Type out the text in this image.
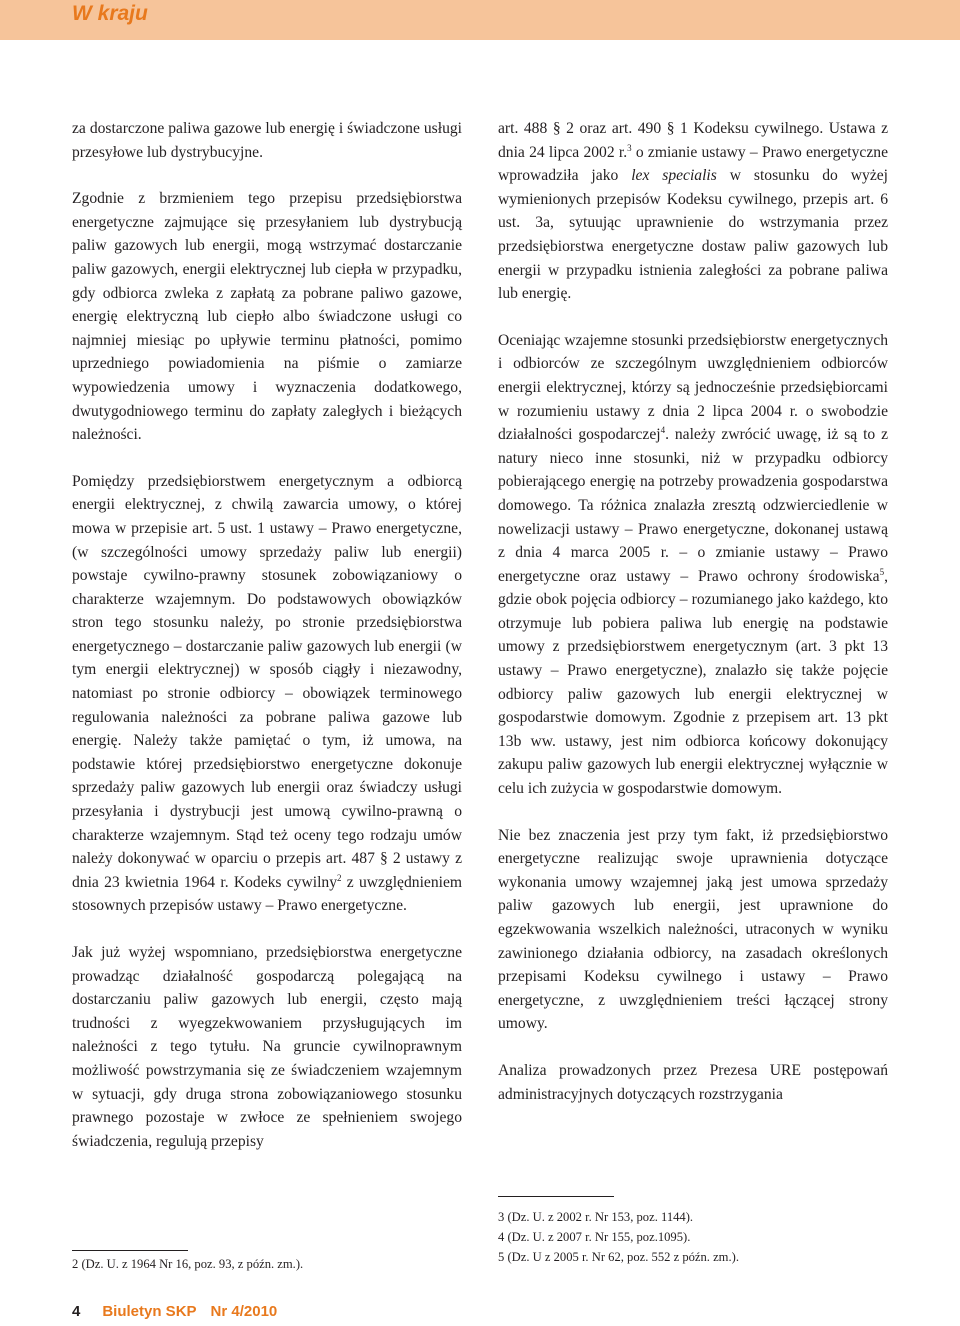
W kraju

za dostarczone paliwa gazowe lub energię i świadczone usługi przesyłowe lub dystrybucyjne.

Zgodnie z brzmieniem tego przepisu przedsiębiorstwa energetyczne zajmujące się przesyłaniem lub dystrybucją paliw gazowych lub energii, mogą wstrzymać dostarczanie paliw gazowych, energii elektrycznej lub ciepła w przypadku, gdy odbiorca zwleka z zapłatą za pobrane paliwo gazowe, energię elektryczną lub ciepło albo świadczone usługi co najmniej miesiąc po upływie terminu płatności, pomimo uprzedniego powiadomienia na piśmie o zamiarze wypowiedzenia umowy i wyznaczenia dodatkowego, dwutygodniowego terminu do zapłaty zaległych i bieżących należności.

Pomiędzy przedsiębiorstwem energetycznym a odbiorcą energii elektrycznej, z chwilą zawarcia umowy, o której mowa w przepisie art. 5 ust. 1 ustawy – Prawo energetyczne, (w szczególności umowy sprzedaży paliw lub energii) powstaje cywilno-prawny stosunek zobowiązaniowy o charakterze wzajemnym. Do podstawowych obowiązków stron tego stosunku należy, po stronie przedsiębiorstwa energetycznego – dostarczanie paliw gazowych lub energii (w tym energii elektrycznej) w sposób ciągły i niezawodny, natomiast po stronie odbiorcy – obowiązek terminowego regulowania należności za pobrane paliwa gazowe lub energię. Należy także pamiętać o tym, iż umowa, na podstawie której przedsiębiorstwo energetyczne dokonuje sprzedaży paliw gazowych lub energii oraz świadczy usługi przesyłania i dystrybucji jest umową cywilno-prawną o charakterze wzajemnym. Stąd też oceny tego rodzaju umów należy dokonywać w oparciu o przepis art. 487 § 2 ustawy z dnia 23 kwietnia 1964 r. Kodeks cywilny$^2$ z uwzględnieniem stosownych przepisów ustawy – Prawo energetyczne.

Jak już wyżej wspomniano, przedsiębiorstwa energetyczne prowadząc działalność gospodarczą polegającą na dostarczaniu paliw gazowych lub energii, często mają trudności z wyegzekwowaniem przysługujących im należności z tego tytułu. Na gruncie cywilnoprawnym możliwość powstrzymania się ze świadczeniem wzajemnym w sytuacji, gdy druga strona zobowiązaniowego stosunku prawnego pozostaje w zwłoce ze spełnieniem swojego świadczenia, regulują przepisy

2 (Dz. U. z 1964 Nr 16, poz. 93, z późn. zm.).

art. 488 § 2 oraz art. 490 § 1 Kodeksu cywilnego. Ustawa z dnia 24 lipca 2002 r.$^3$ o zmianie ustawy – Prawo energetyczne wprowadziła jako lex specialis w stosunku do wyżej wymienionych przepisów Kodeksu cywilnego, przepis art. 6 ust. 3a, sytuując uprawnienie do wstrzymania przez przedsiębiorstwa energetyczne dostaw paliw gazowych lub energii w przypadku istnienia zaległości za pobrane paliwa lub energię.

Oceniając wzajemne stosunki przedsiębiorstw energetycznych i odbiorców ze szczególnym uwzględnieniem odbiorców energii elektrycznej, którzy są jednocześnie przedsiębiorcami w rozumieniu ustawy z dnia 2 lipca 2004 r. o swobodzie działalności gospodarczej$^4$. należy zwrócić uwagę, iż są to z natury nieco inne stosunki, niż w przypadku odbiorcy pobierającego energię na potrzeby prowadzenia gospodarstwa domowego. Ta różnica znalazła zresztą odzwierciedlenie w nowelizacji ustawy – Prawo energetyczne, dokonanej ustawą z dnia 4 marca 2005 r. – o zmianie ustawy – Prawo energetyczne oraz ustawy – Prawo ochrony środowiska$^5$, gdzie obok pojęcia odbiorcy – rozumianego jako każdego, kto otrzymuje lub pobiera paliwa lub energię na podstawie umowy z przedsiębiorstwem energetycznym (art. 3 pkt 13 ustawy – Prawo energetyczne), znalazło się także pojęcie odbiorcy paliw gazowych lub energii elektrycznej w gospodarstwie domowym. Zgodnie z przepisem art. 13 pkt 13b ww. ustawy, jest nim odbiorca końcowy dokonujący zakupu paliw gazowych lub energii elektrycznej wyłącznie w celu ich zużycia w gospodarstwie domowym.

Nie bez znaczenia jest przy tym fakt, iż przedsiębiorstwo energetyczne realizując swoje uprawnienia dotyczące wykonania umowy wzajemnej jaką jest umowa sprzedaży paliw gazowych lub energii, jest uprawnione do egzekwowania wszelkich należności, utraconych w wyniku zawinionego działania odbiorcy, na zasadach określonych przepisami Kodeksu cywilnego i ustawy – Prawo energetyczne, z uwzględnieniem treści łączącej strony umowy.

Analiza prowadzonych przez Prezesa URE postępowań administracyjnych dotyczących rozstrzygania

3 (Dz. U. z 2002 r. Nr 153, poz. 1144).

4 (Dz. U. z 2007 r. Nr 155, poz.1095).

5 (Dz. U z 2005 r. Nr 62, poz. 552 z późn. zm.).

4 Biuletyn SKP Nr 4/2010
